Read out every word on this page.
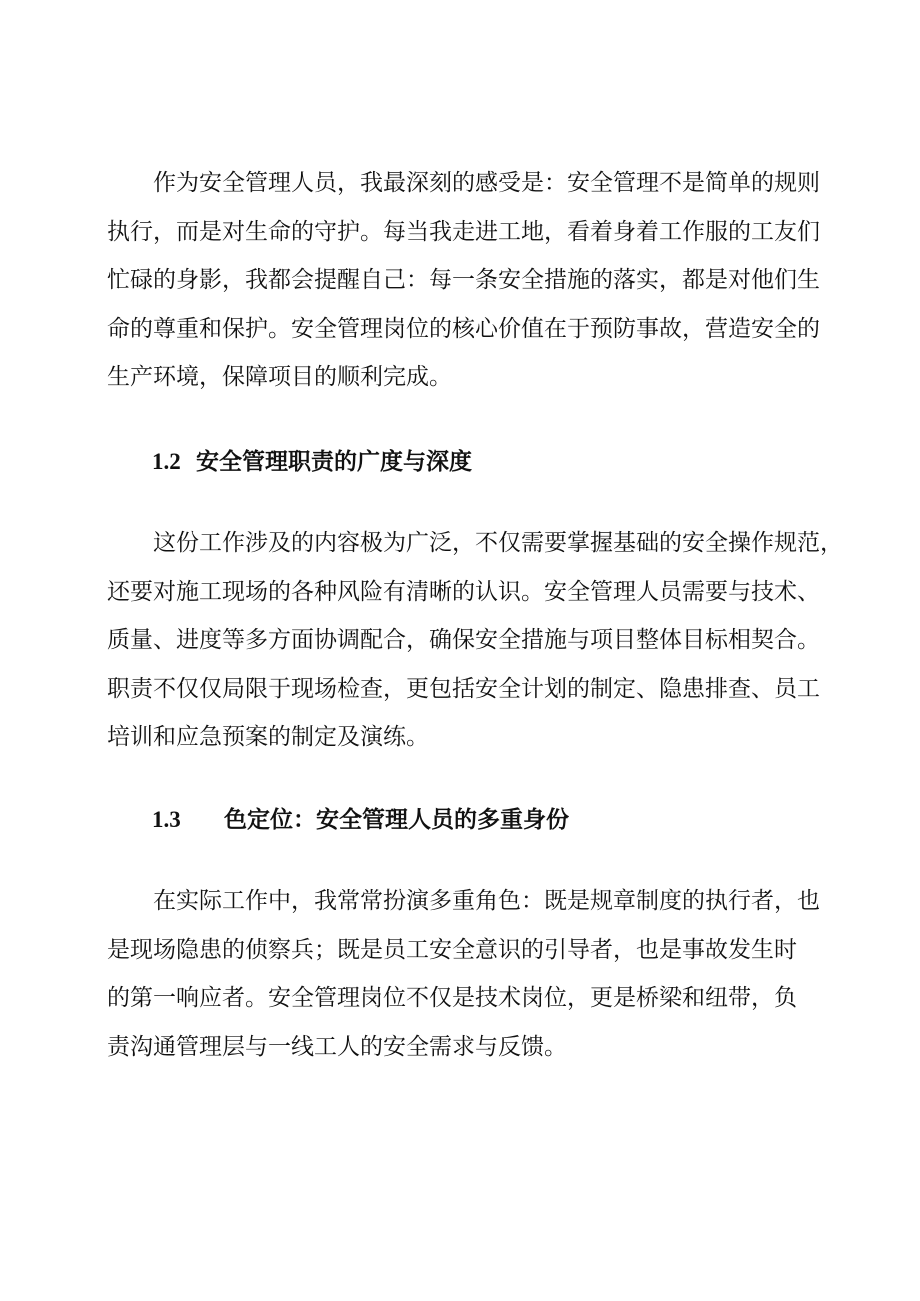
作为安全管理人员，我最深刻的感受是：安全管理不是简单的规则
执行，而是对生命的守护。每当我走进工地，看着身着工作服的工友们
忙碌的身影，我都会提醒自己：每一条安全措施的落实，都是对他们生
命的尊重和保护。安全管理岗位的核心价值在于预防事故，营造安全的
生产环境，保障项目的顺利完成。

1.2 安全管理职责的广度与深度

这份工作涉及的内容极为广泛，不仅需要掌握基础的安全操作规范，
还要对施工现场的各种风险有清晰的认识。安全管理人员需要与技术、
质量、进度等多方面协调配合，确保安全措施与项目整体目标相契合。
职责不仅仅局限于现场检查，更包括安全计划的制定、隐患排查、员工
培训和应急预案的制定及演练。

1.3 色定位：安全管理人员的多重身份

在实际工作中，我常常扮演多重角色：既是规章制度的执行者，也
是现场隐患的侦察兵；既是员工安全意识的引导者，也是事故发生时
的第一响应者。安全管理岗位不仅是技术岗位，更是桥梁和纽带，负
责沟通管理层与一线工人的安全需求与反馈。
